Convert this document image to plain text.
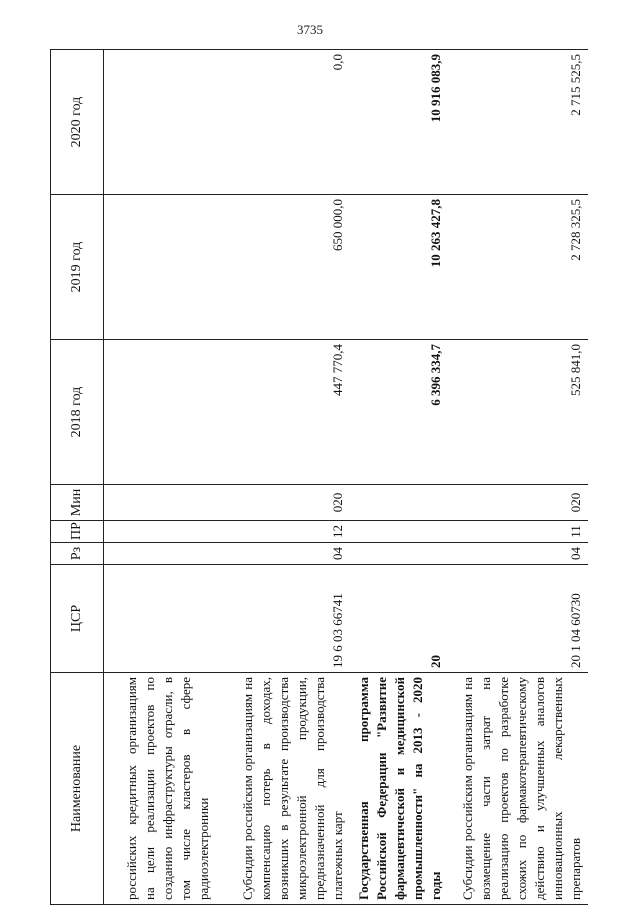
3735
Наименование	ЦСР	Рз	ПР	Мин	2018 год	2019 год	2020 год
российских кредитных организациям на цели реализации проектов по созданию инфраструктуры отрасли, в том числе кластеров в сфере радиоэлектроники							
Субсидии российским организациям на компенсацию потерь в доходах, возникших в результате производства микроэлектронной продукции, предназначенной для производства платежных карт	19 6 03 66741	04	12	020	447 770,4	650 000,0	0,0
Государственная программа Российской Федерации "Развитие фармацевтической и медицинской промышленности" на 2013 - 2020 годы	20				6 396 334,7	10 263 427,8	10 916 083,9
Субсидии российским организациям на возмещение части затрат на реализацию проектов по разработке схожих по фармакотерапевтическому действию и улучшенных аналогов инновационных лекарственных препаратов	20 1 04 60730	04	11	020	525 841,0	2 728 325,5	2 715 525,5
